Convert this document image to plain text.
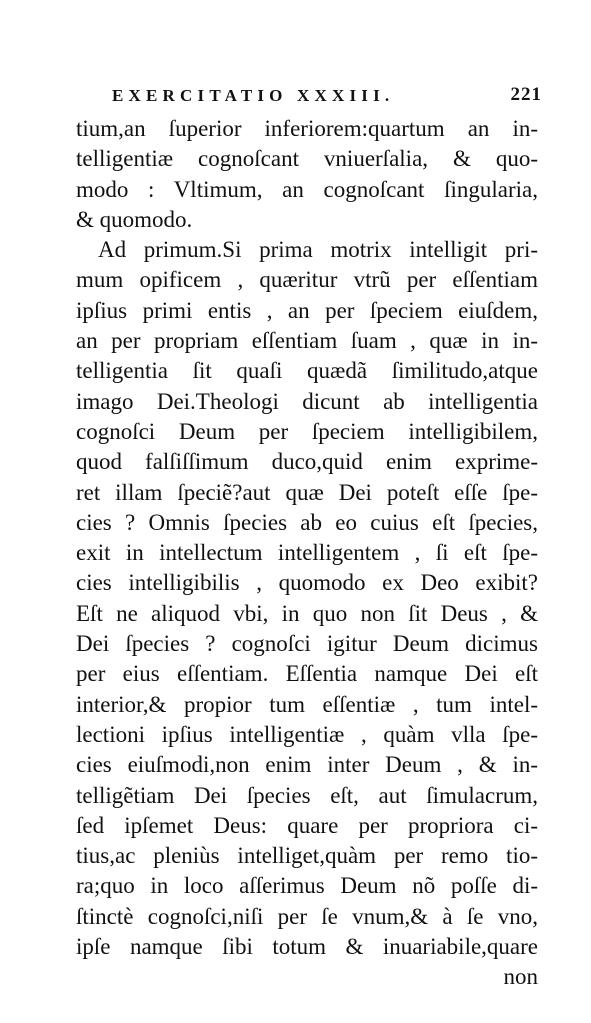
EXERCITATIO XXXIII.	221
tium,an ſuperior inferiorem:quartum an in-
telligentiæ cognoſcant vniuerſalia, & quo-
modo : Vltimum, an cognoſcant ſingularia,
& quomodo.
Ad primum.Si prima motrix intelligit pri-
mum opificem , quæritur vtrũ per eſſentiam
ipſius primi entis , an per ſpeciem eiuſdem,
an per propriam eſſentiam ſuam , quæ in in-
telligentia ſit quaſi quædã ſimilitudo,atque
imago Dei.Theologi dicunt ab intelligentia
cognoſci Deum per ſpeciem intelligibilem,
quod falſiſſimum duco,quid enim exprime-
ret illam ſpeciẽ?aut quæ Dei poteſt eſſe ſpe-
cies ? Omnis ſpecies ab eo cuius eſt ſpecies,
exit in intellectum intelligentem , ſi eſt ſpe-
cies intelligibilis , quomodo ex Deo exibit?
Eſt ne aliquod vbi, in quo non ſit Deus , &
Dei ſpecies ? cognoſci igitur Deum dicimus
per eius eſſentiam. Eſſentia namque Dei eſt
interior,& propior tum eſſentiæ , tum intel-
lectioni ipſius intelligentiæ , quàm vlla ſpe-
cies eiuſmodi,non enim inter Deum , & in-
telligẽtiam Dei ſpecies eſt, aut ſimulacrum,
ſed ipſemet Deus: quare per propriora ci-
tius,ac pleniùs intelliget,quàm per remo tio-
ra;quo in loco aſſerimus Deum nõ poſſe di-
ſtinctè cognoſci,niſi per ſe vnum,& à ſe vno,
ipſe namque ſibi totum & inuariabile,quare
non
